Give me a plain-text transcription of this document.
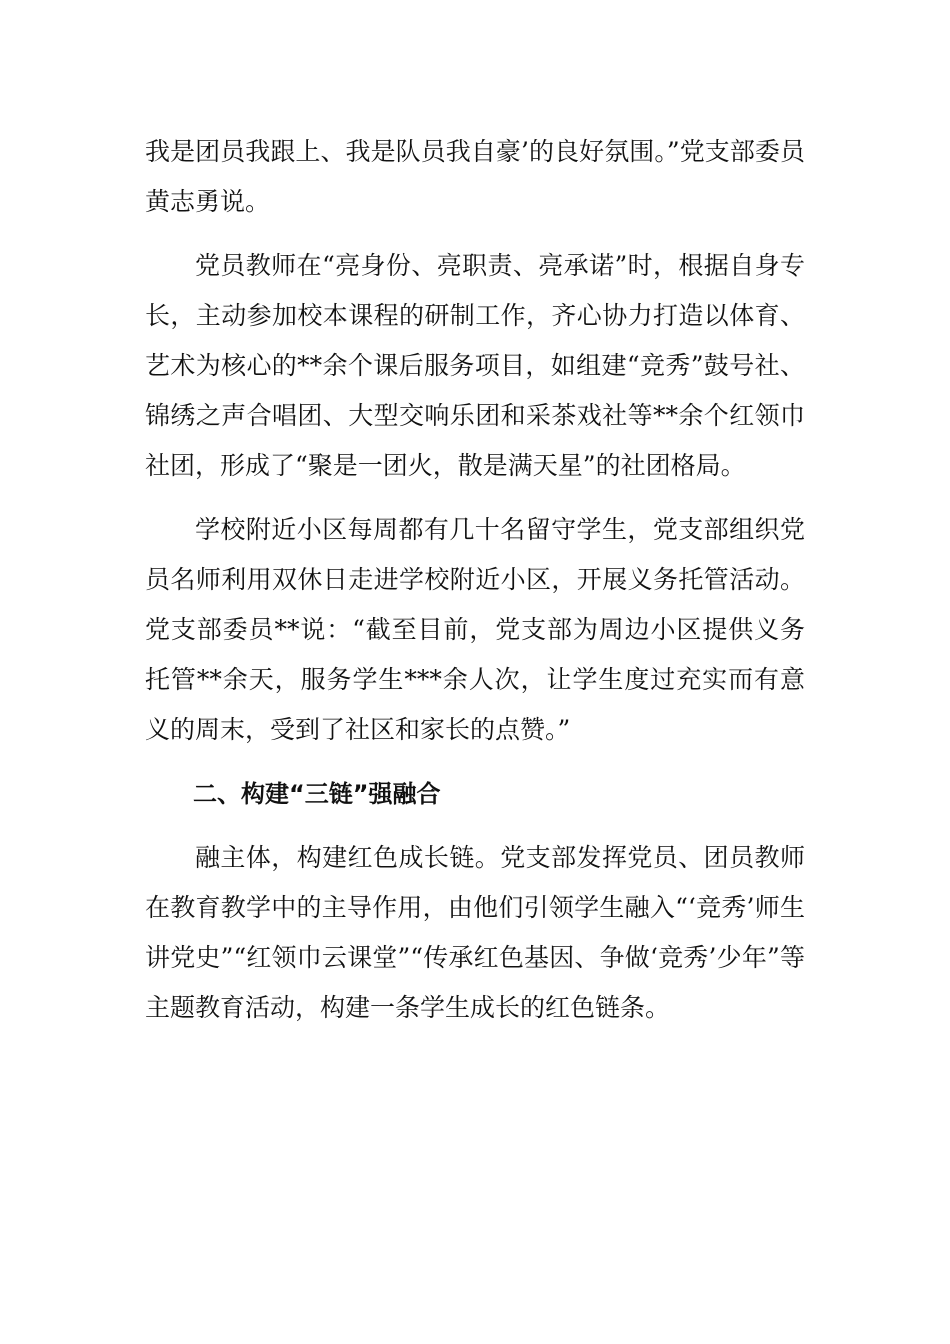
我是团员我跟上、我是队员我自豪’的良好氛围。”党支部委员黄志勇说。

党员教师在“亮身份、亮职责、亮承诺”时，根据自身专长，主动参加校本课程的研制工作，齐心协力打造以体育、艺术为核心的**余个课后服务项目，如组建“竞秀”鼓号社、锦绣之声合唱团、大型交响乐团和采茶戏社等**余个红领巾社团，形成了“聚是一团火，散是满天星”的社团格局。

学校附近小区每周都有几十名留守学生，党支部组织党员名师利用双休日走进学校附近小区，开展义务托管活动。党支部委员**说：“截至目前，党支部为周边小区提供义务托管**余天，服务学生***余人次，让学生度过充实而有意义的周末，受到了社区和家长的点赞。”

二、构建“三链”强融合

融主体，构建红色成长链。党支部发挥党员、团员教师在教育教学中的主导作用，由他们引领学生融入“‘竞秀’师生讲党史”“红领巾云课堂”“传承红色基因、争做‘竞秀’少年”等主题教育活动，构建一条学生成长的红色链条。
